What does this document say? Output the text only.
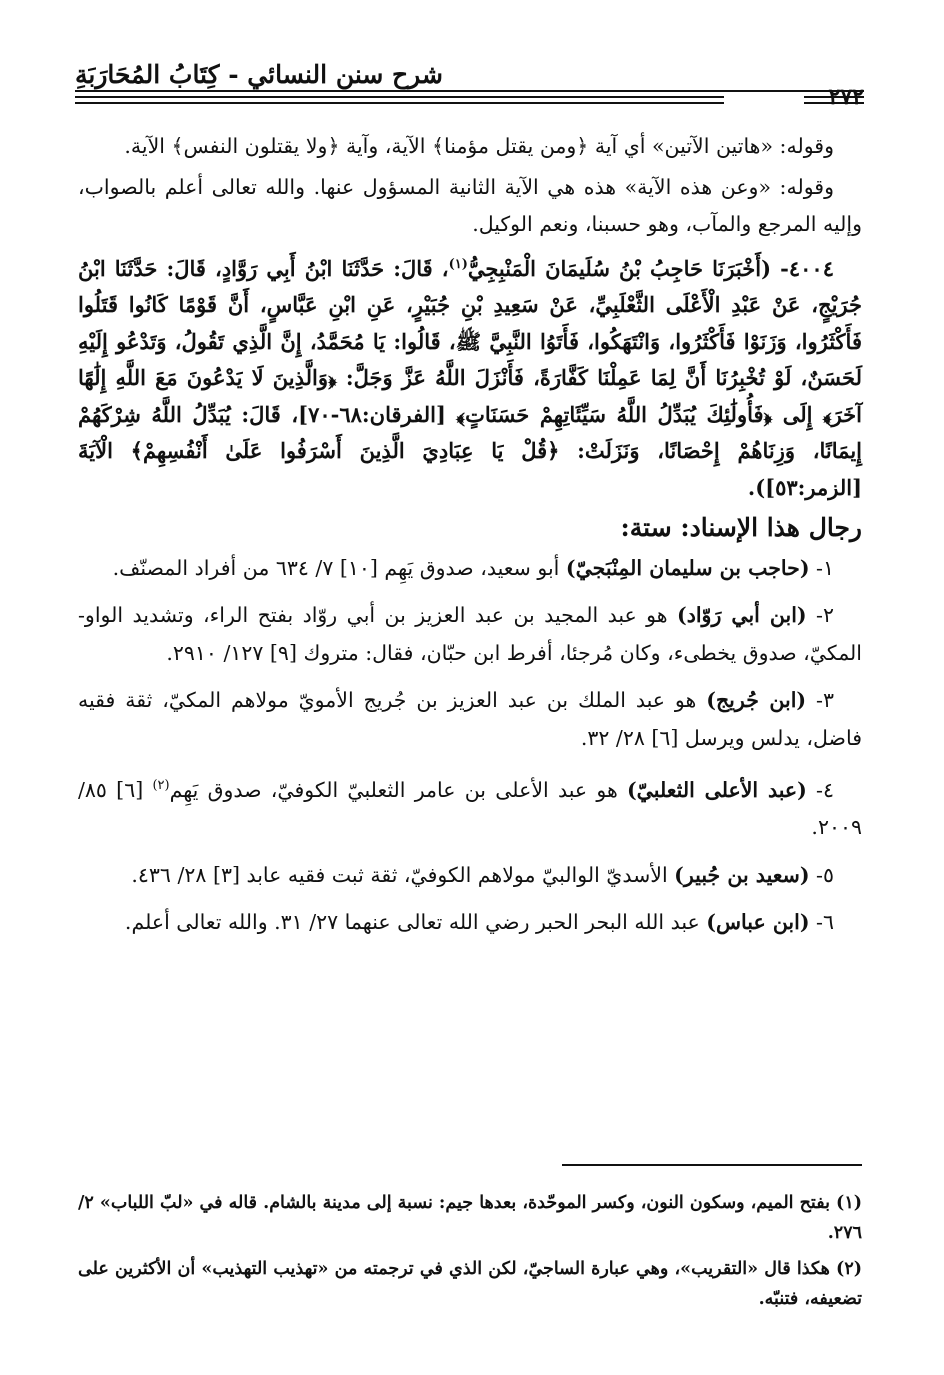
شرح سنن النسائي - كِتَابُ المُحَارَبَةِ
٢٧٢

وقوله: «هاتين الآتين» أي آية ﴿ومن يقتل مؤمنا﴾ الآية، وآية ﴿ولا يقتلون النفس﴾ الآية.

وقوله: «وعن هذه الآية» هذه هي الآية الثانية المسؤول عنها. والله تعالى أعلم بالصواب، وإليه المرجع والمآب، وهو حسبنا، ونعم الوكيل.

٤٠٠٤- (أَخْبَرَنَا حَاجِبُ بْنُ سُلَيمَانَ الْمَنْبِجِيُّ$^{(١)}$، قَالَ: حَدَّثَنَا ابْنُ أَبِي رَوَّادٍ، قَالَ: حَدَّثَنَا ابْنُ جُرَيْجٍ، عَنْ عَبْدِ الْأَعْلَى الثَّعْلَبِيِّ، عَنْ سَعِيدِ بْنِ جُبَيْرٍ، عَنِ ابْنِ عَبَّاسٍ، أَنَّ قَوْمًا كَانُوا قَتَلُوا فَأَكْثَرُوا، وَزَنَوْا فَأَكْثَرُوا، وَانْتَهَكُوا، فَأَتَوُا النَّبِيَّ ﷺ، قَالُوا: يَا مُحَمَّدُ، إِنَّ الَّذِي تَقُولُ، وَتَدْعُو إِلَيْهِ لَحَسَنٌ، لَوْ تُخْبِرُنَا أَنَّ لِمَا عَمِلْنَا كَفَّارَةً، فَأَنْزَلَ اللَّهُ عَزَّ وَجَلَّ: ﴿وَالَّذِينَ لَا يَدْعُونَ مَعَ اللَّهِ إِلَٰهًا آخَرَ﴾ إِلَى ﴿فَأُولَٰئِكَ يُبَدِّلُ اللَّهُ سَيِّئَاتِهِمْ حَسَنَاتٍ﴾ [الفرقان:٦٨-٧٠]، قَالَ: يُبَدِّلُ اللَّهُ شِرْكَهُمْ إِيمَانًا، وَزِنَاهُمْ إِحْصَانًا، وَنَزَلَتْ: ﴿قُلْ يَا عِبَادِيَ الَّذِينَ أَسْرَفُوا عَلَىٰ أَنْفُسِهِمْ﴾ الْآيَةَ [الزمر:٥٣]).

رجال هذا الإسناد: ستة:

١- (حاجب بن سليمان المِنْبَجيّ) أبو سعيد، صدوق يَهِم [١٠] ٧/ ٦٣٤ من أفراد المصنّف.

٢- (ابن أبي رَوّاد) هو عبد المجيد بن عبد العزيز بن أبي روّاد بفتح الراء، وتشديد الواو- المكيّ، صدوق يخطىء، وكان مُرجئا، أفرط ابن حبّان، فقال: متروك [٩] ١٢٧/ ٢٩١٠.

٣- (ابن جُريج) هو عبد الملك بن عبد العزيز بن جُريج الأمويّ مولاهم المكيّ، ثقة فقيه فاضل، يدلس ويرسل [٦] ٢٨/ ٣٢.

٤- (عبد الأعلى الثعلبيّ) هو عبد الأعلى بن عامر الثعلبيّ الكوفيّ، صدوق يَهِم$^{(٢)}$ [٦] ٨٥/ ٢٠٠٩.

٥- (سعيد بن جُبير) الأسديّ الوالبيّ مولاهم الكوفيّ، ثقة ثبت فقيه عابد [٣] ٢٨/ ٤٣٦.

٦- (ابن عباس) عبد الله البحر الحبر رضي الله تعالى عنهما ٢٧/ ٣١. والله تعالى أعلم.

(١) بفتح الميم، وسكون النون، وكسر الموحّدة، بعدها جيم: نسبة إلى مدينة بالشام. قاله في «لبّ اللباب» ٢/ ٢٧٦.

(٢) هكذا قال «التقريب»، وهي عبارة الساجيّ، لكن الذي في ترجمته من «تهذيب التهذيب» أن الأكثرين على تضعيفه، فتنبّه.
